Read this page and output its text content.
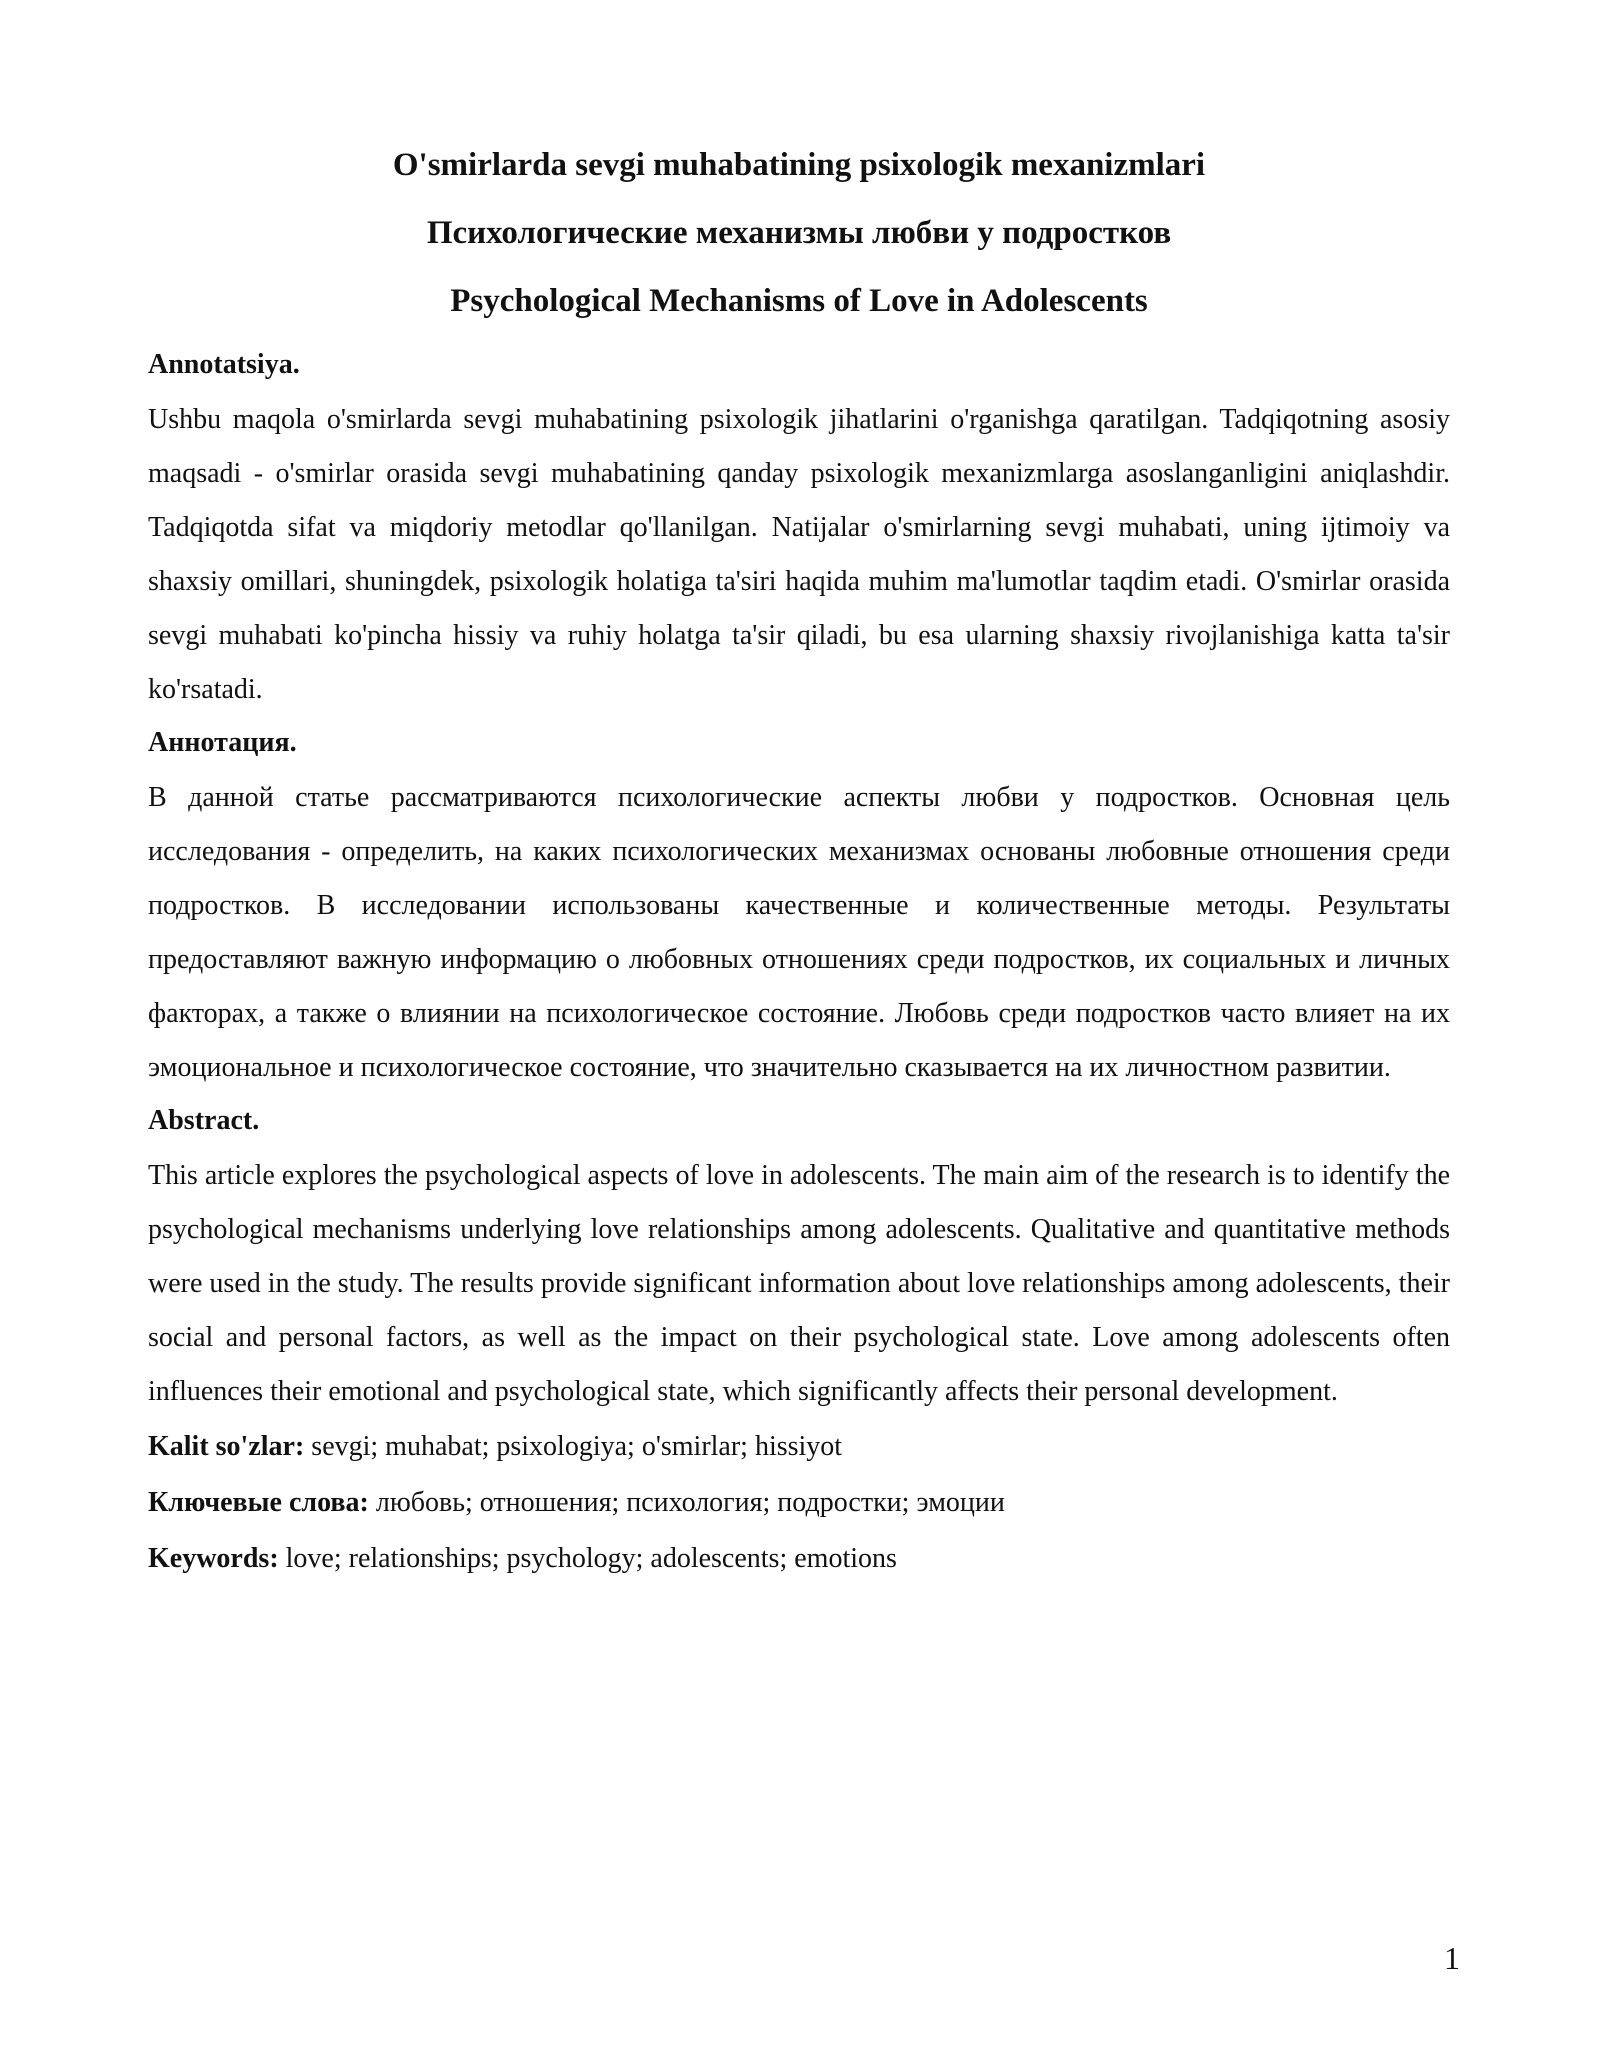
O'smirlarda sevgi muhabatining psixologik mexanizmlari
Психологические механизмы любви у подростков
Psychological Mechanisms of Love in Adolescents
Annotatsiya.
Ushbu maqola o'smirlarda sevgi muhabatining psixologik jihatlarini o'rganishga qaratilgan. Tadqiqotning asosiy maqsadi - o'smirlar orasida sevgi muhabatining qanday psixologik mexanizmlarga asoslanganligini aniqlashdir. Tadqiqotda sifat va miqdoriy metodlar qo'llanilgan. Natijalar o'smirlarning sevgi muhabati, uning ijtimoiy va shaxsiy omillari, shuningdek, psixologik holatiga ta'siri haqida muhim ma'lumotlar taqdim etadi. O'smirlar orasida sevgi muhabati ko'pincha hissiy va ruhiy holatga ta'sir qiladi, bu esa ularning shaxsiy rivojlanishiga katta ta'sir ko'rsatadi.
Аннотация.
В данной статье рассматриваются психологические аспекты любви у подростков. Основная цель исследования - определить, на каких психологических механизмах основаны любовные отношения среди подростков. В исследовании использованы качественные и количественные методы. Результаты предоставляют важную информацию о любовных отношениях среди подростков, их социальных и личных факторах, а также о влиянии на психологическое состояние. Любовь среди подростков часто влияет на их эмоциональное и психологическое состояние, что значительно сказывается на их личностном развитии.
Abstract.
This article explores the psychological aspects of love in adolescents. The main aim of the research is to identify the psychological mechanisms underlying love relationships among adolescents. Qualitative and quantitative methods were used in the study. The results provide significant information about love relationships among adolescents, their social and personal factors, as well as the impact on their psychological state. Love among adolescents often influences their emotional and psychological state, which significantly affects their personal development.
Kalit so'zlar: sevgi; muhabat; psixologiya; o'smirlar; hissiyot
Ключевые слова: любовь; отношения; психология; подростки; эмоции
Keywords: love; relationships; psychology; adolescents; emotions
1
